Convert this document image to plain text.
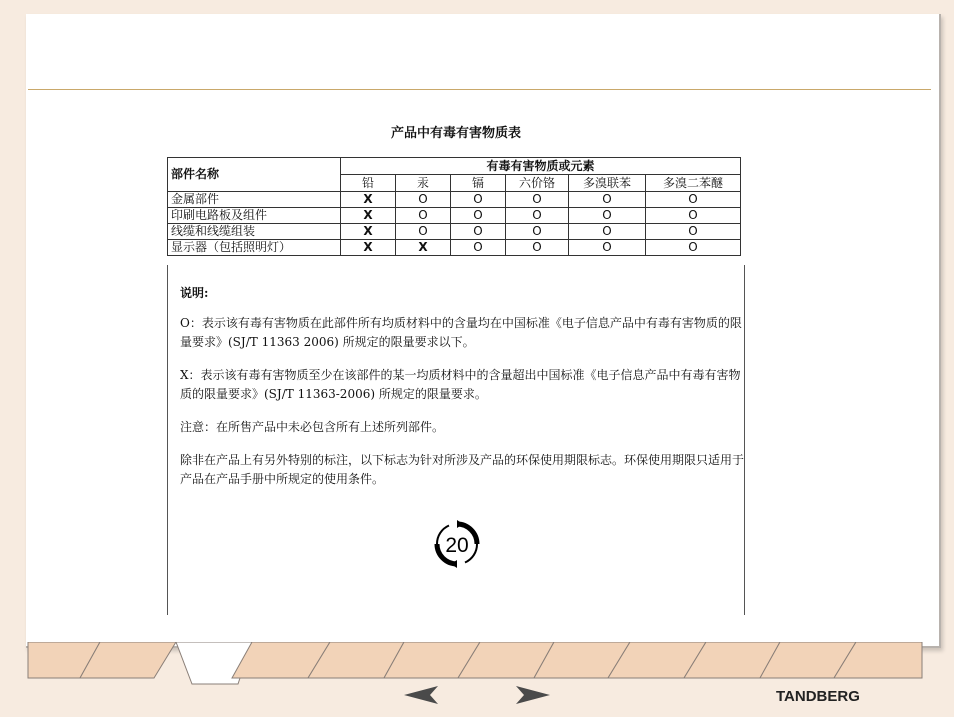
产品中有毒有害物质表
部件名称	有毒有害物质或元素					
	铅	汞	镉	六价铬	多溴联苯	多溴二苯醚
金属部件	X	O	O	O	O	O
印刷电路板及组件	X	O	O	O	O	O
线缆和线缆组装	X	O	O	O	O	O
显示器（包括照明灯）	X	X	O	O	O	O

说明:

O：表示该有毒有害物质在此部件所有均质材料中的含量均在中国标准《电子信息产品中有毒有害物质的限量要求》(SJ/T 11363 2006) 所规定的限量要求以下。

X：表示该有毒有害物质至少在该部件的某一均质材料中的含量超出中国标准《电子信息产品中有毒有害物质的限量要求》(SJ/T 11363-2006) 所规定的限量要求。

注意：在所售产品中未必包含所有上述所列部件。

除非在产品上有另外特别的标注，以下标志为针对所涉及产品的环保使用期限标志。环保使用期限只适用于产品在产品手册中所规定的使用条件。

20
TANDBERG
